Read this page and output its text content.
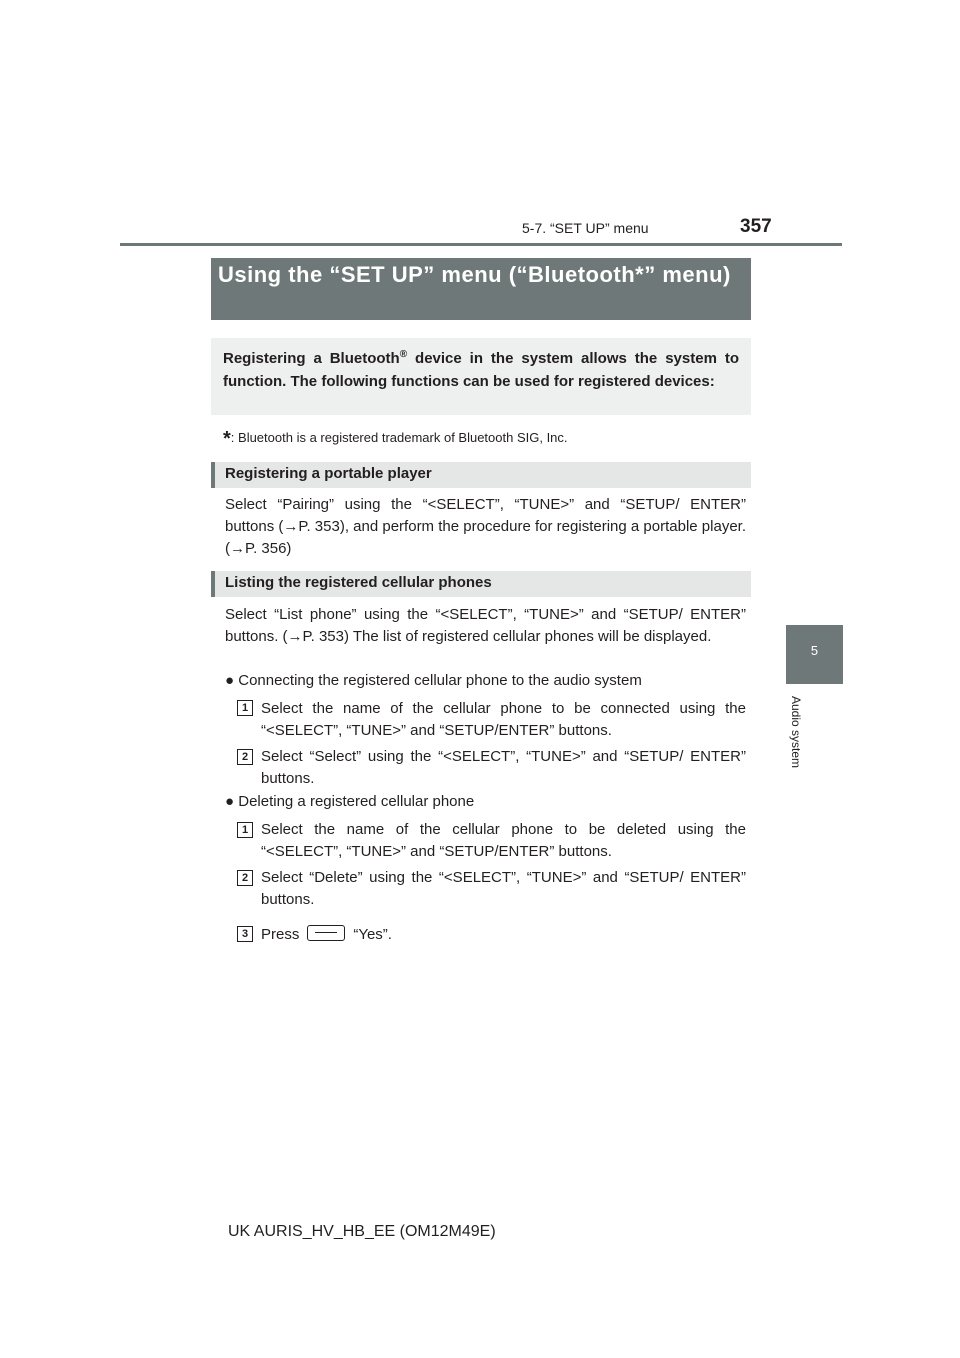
5-7. “SET UP” menu	357
5
Audio system
Using the “SET UP” menu (“Bluetooth*” menu)
Registering a Bluetooth® device in the system allows the system to function. The following functions can be used for registered devices:
*: Bluetooth is a registered trademark of Bluetooth SIG, Inc.
Registering a portable player
Select “Pairing” using the “<SELECT”, “TUNE>” and “SETUP/ ENTER” buttons (→P. 353), and perform the procedure for registering a portable player. (→P. 356)
Listing the registered cellular phones
Select “List phone” using the “<SELECT”, “TUNE>” and “SETUP/ ENTER” buttons. (→P. 353) The list of registered cellular phones will be displayed.
● Connecting the registered cellular phone to the audio system
1 Select the name of the cellular phone to be connected using the “<SELECT”, “TUNE>” and “SETUP/ENTER” buttons.
2 Select “Select” using the “<SELECT”, “TUNE>” and “SETUP/ ENTER” buttons.
● Deleting a registered cellular phone
1 Select the name of the cellular phone to be deleted using the “<SELECT”, “TUNE>” and “SETUP/ENTER” buttons.
2 Select “Delete” using the “<SELECT”, “TUNE>” and “SETUP/ ENTER” buttons.
3 Press	“Yes”.
UK AURIS_HV_HB_EE (OM12M49E)
